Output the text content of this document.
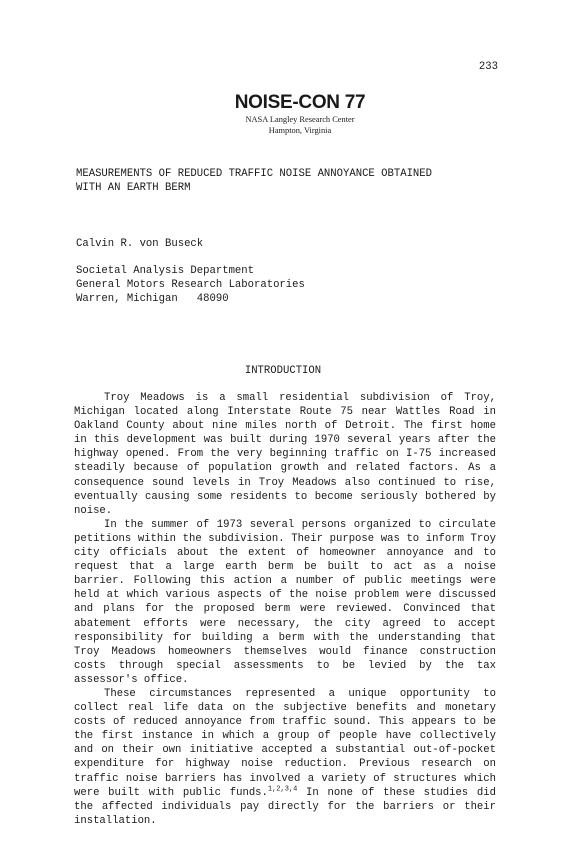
233
NOISE-CON 77
NASA Langley Research Center
Hampton, Virginia
MEASUREMENTS OF REDUCED TRAFFIC NOISE ANNOYANCE OBTAINED
WITH AN EARTH BERM
Calvin R. von Buseck
Societal Analysis Department
General Motors Research Laboratories
Warren, Michigan   48090
INTRODUCTION

Troy Meadows is a small residential subdivision of Troy, Michigan located along Interstate Route 75 near Wattles Road in Oakland County about nine miles north of Detroit. The first home in this development was built during 1970 several years after the highway opened. From the very beginning traffic on I-75 increased steadily because of population growth and related factors. As a consequence sound levels in Troy Meadows also continued to rise, eventually causing some residents to become seriously bothered by noise.

In the summer of 1973 several persons organized to circulate petitions within the subdivision. Their purpose was to inform Troy city officials about the extent of homeowner annoyance and to request that a large earth berm be built to act as a noise barrier. Following this action a number of public meetings were held at which various aspects of the noise problem were discussed and plans for the proposed berm were reviewed. Convinced that abatement efforts were necessary, the city agreed to accept responsibility for building a berm with the understanding that Troy Meadows homeowners themselves would finance construction costs through special assessments to be levied by the tax assessor's office.

These circumstances represented a unique opportunity to collect real life data on the subjective benefits and monetary costs of reduced annoyance from traffic sound. This appears to be the first instance in which a group of people have collectively and on their own initiative accepted a substantial out-of-pocket expenditure for highway noise reduction. Previous research on traffic noise barriers has involved a variety of structures which were built with public funds.$^{1,2,3,4}$ In none of these studies did the affected individuals pay directly for the barriers or their installation.
